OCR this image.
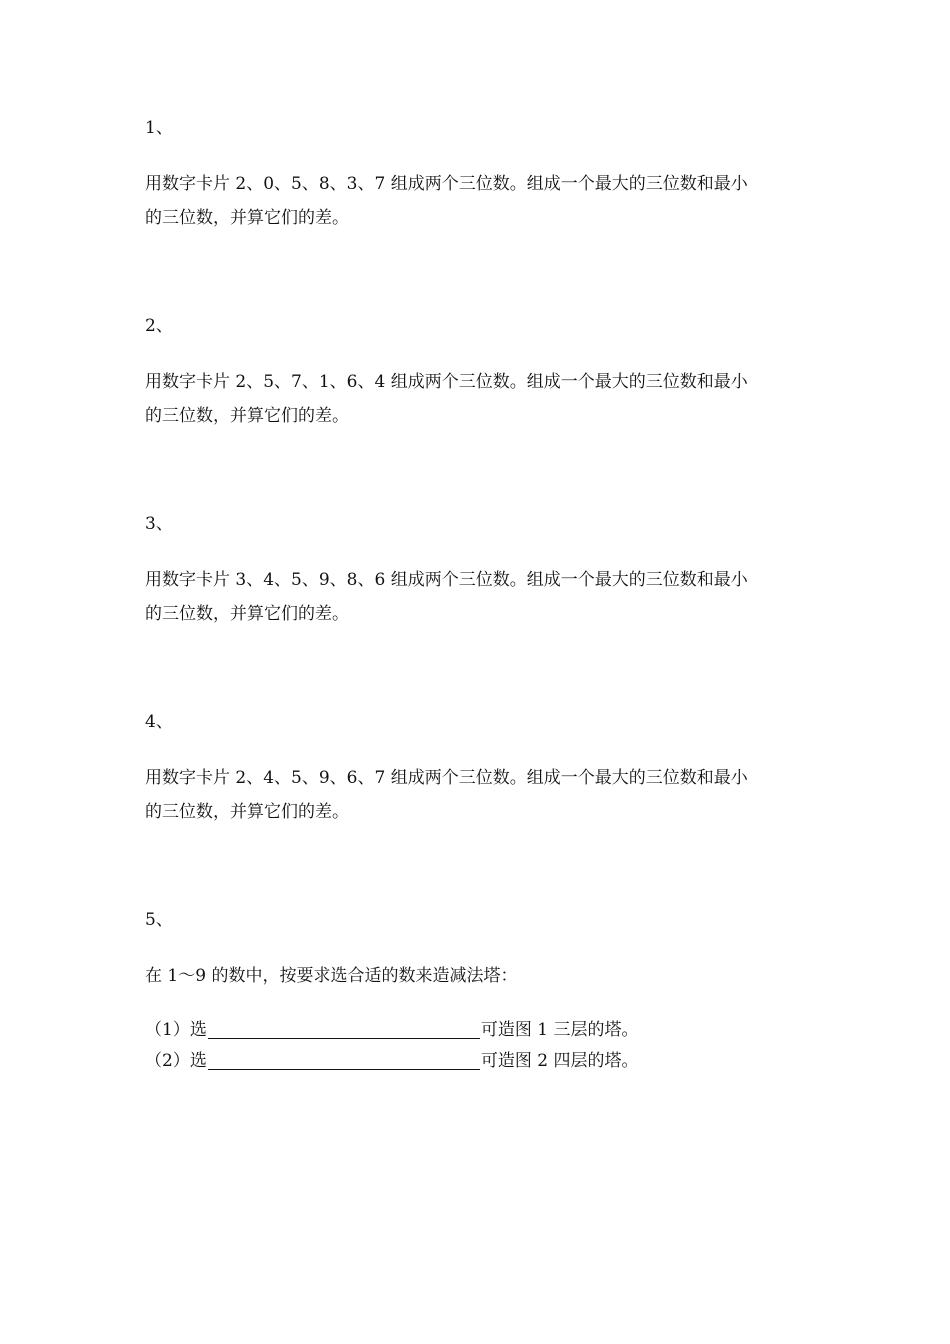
1、
用数字卡片 2、0、5、8、3、7 组成两个三位数。组成一个最大的三位数和最小
的三位数，并算它们的差。
2、
用数字卡片 2、5、7、1、6、4 组成两个三位数。组成一个最大的三位数和最小
的三位数，并算它们的差。
3、
用数字卡片 3、4、5、9、8、6 组成两个三位数。组成一个最大的三位数和最小
的三位数，并算它们的差。
4、
用数字卡片 2、4、5、9、6、7 组成两个三位数。组成一个最大的三位数和最小
的三位数，并算它们的差。
5、
在 1～9 的数中，按要求选合适的数来造减法塔：
（1）选	可造图 1 三层的塔。
（2）选	可造图 2 四层的塔。
